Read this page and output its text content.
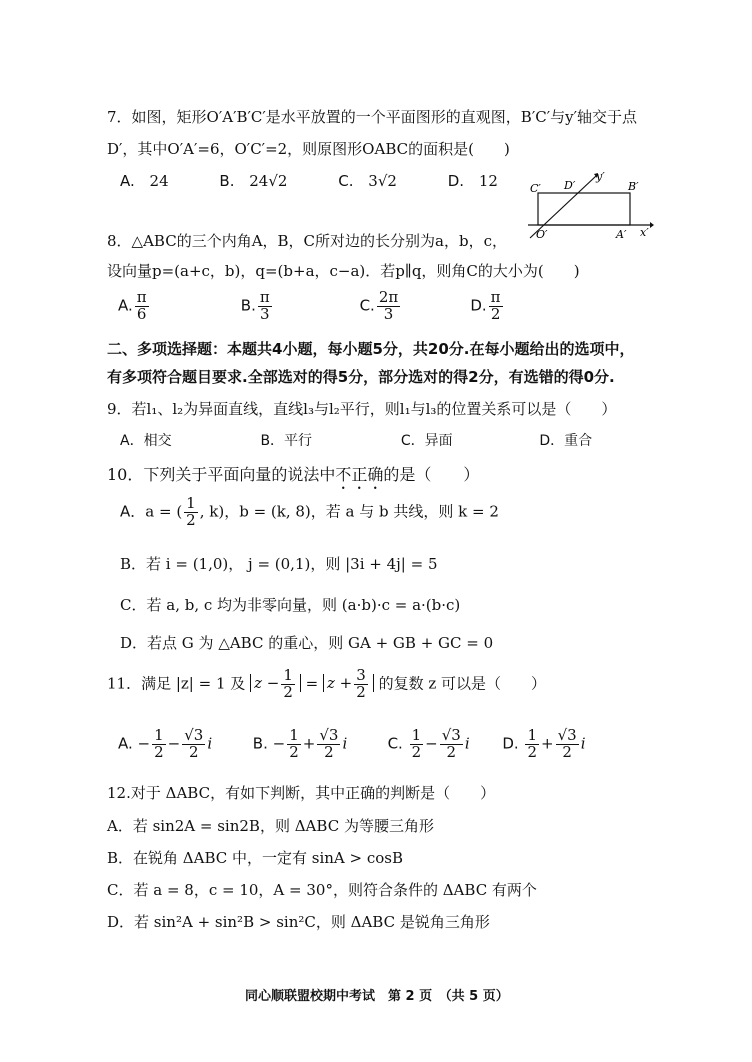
7．如图，矩形O′A′B′C′是水平放置的一个平面图形的直观图，B′C′与y′轴交于点
D′，其中O′A′=6，O′C′=2，则原图形OABC的面积是(　　)
A. 24	B. 24√2	C. 3√2	D. 12	C′ D′
y′
B′
O′	A′ x′
8．△ABC的三个内角A，B，C所对边的长分别为a，b，c，
设向量p=(a+c，b)，q=(b+a，c−a)．若p∥q，则角C的大小为(　　)
A. $\frac{\pi}{6}$	B. $\frac{\pi}{3}$	C. $\frac{2\pi}{3}$	D. $\frac{\pi}{2}$
二、多项选择题：本题共4小题，每小题5分，共20分.在每小题给出的选项中，
有多项符合题目要求.全部选对的得5分，部分选对的得2分，有选错的得0分.
9．若l₁、l₂为异面直线，直线l₃与l₂平行，则l₁与l₃的位置关系可以是（　　）
A．相交	B．平行	C．异面	D．重合
10．下列关于平面向量的说法中不正确的是（　　）
A．a = ( $\frac{1}{2}$ , k)，b = (k, 8)，若 a 与 b 共线，则 k = 2
B．若 i = (1,0)， j = (0,1)，则 |3i + 4j| = 5
C．若 a, b, c 均为非零向量，则 (a·b)·c = a·(b·c)
D．若点 G 为 △ABC 的重心，则 GA + GB + GC = 0
11．满足 |z| = 1 及 $z - \frac{1}{2} = z + \frac{3}{2}$ 的复数 z 可以是（　　）
A. − $\frac{1}{2} - \frac{√3}{2}$ i	B. − $\frac{1}{2} + \frac{√3}{2}$ i	C. $\frac{1}{2} - \frac{√3}{2}$ i D. $\frac{1}{2} + \frac{√3}{2}$ i
12.对于 ΔABC，有如下判断，其中正确的判断是（　　）
A．若 sin2A = sin2B，则 ΔABC 为等腰三角形
B．在锐角 ΔABC 中，一定有 sinA > cosB
C．若 a = 8，c = 10，A = 30°，则符合条件的 ΔABC 有两个
D．若 sin²A + sin²B > sin²C，则 ΔABC 是锐角三角形
同心顺联盟校期中考试　第 2 页　（共 5 页）
